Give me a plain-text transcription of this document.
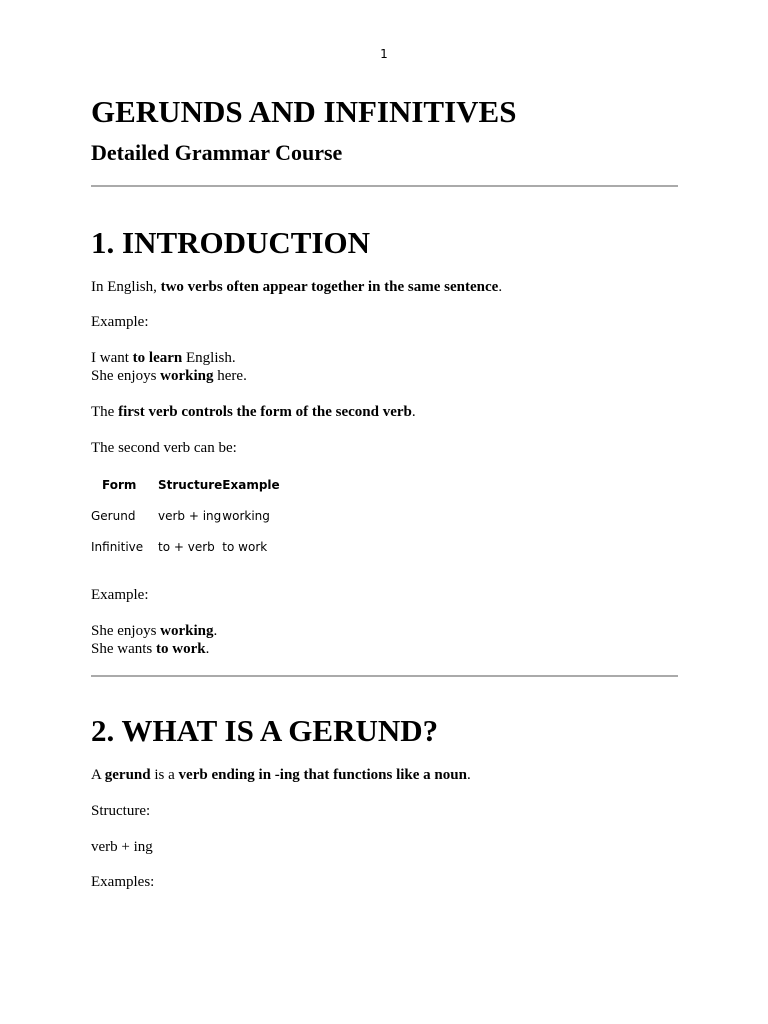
1
GERUNDS AND INFINITIVES
Detailed Grammar Course
1. INTRODUCTION

In English, two verbs often appear together in the same sentence.

Example:

I want to learn English.

She enjoys working here.

The first verb controls the form of the second verb.

The second verb can be:

Form	Structure	Example
Gerund	verb + ing	working
Infinitive	to + verb	to work

Example:

She enjoys working.

She wants to work.

2. WHAT IS A GERUND?

A gerund is a verb ending in -ing that functions like a noun.

Structure:

verb + ing

Examples:
